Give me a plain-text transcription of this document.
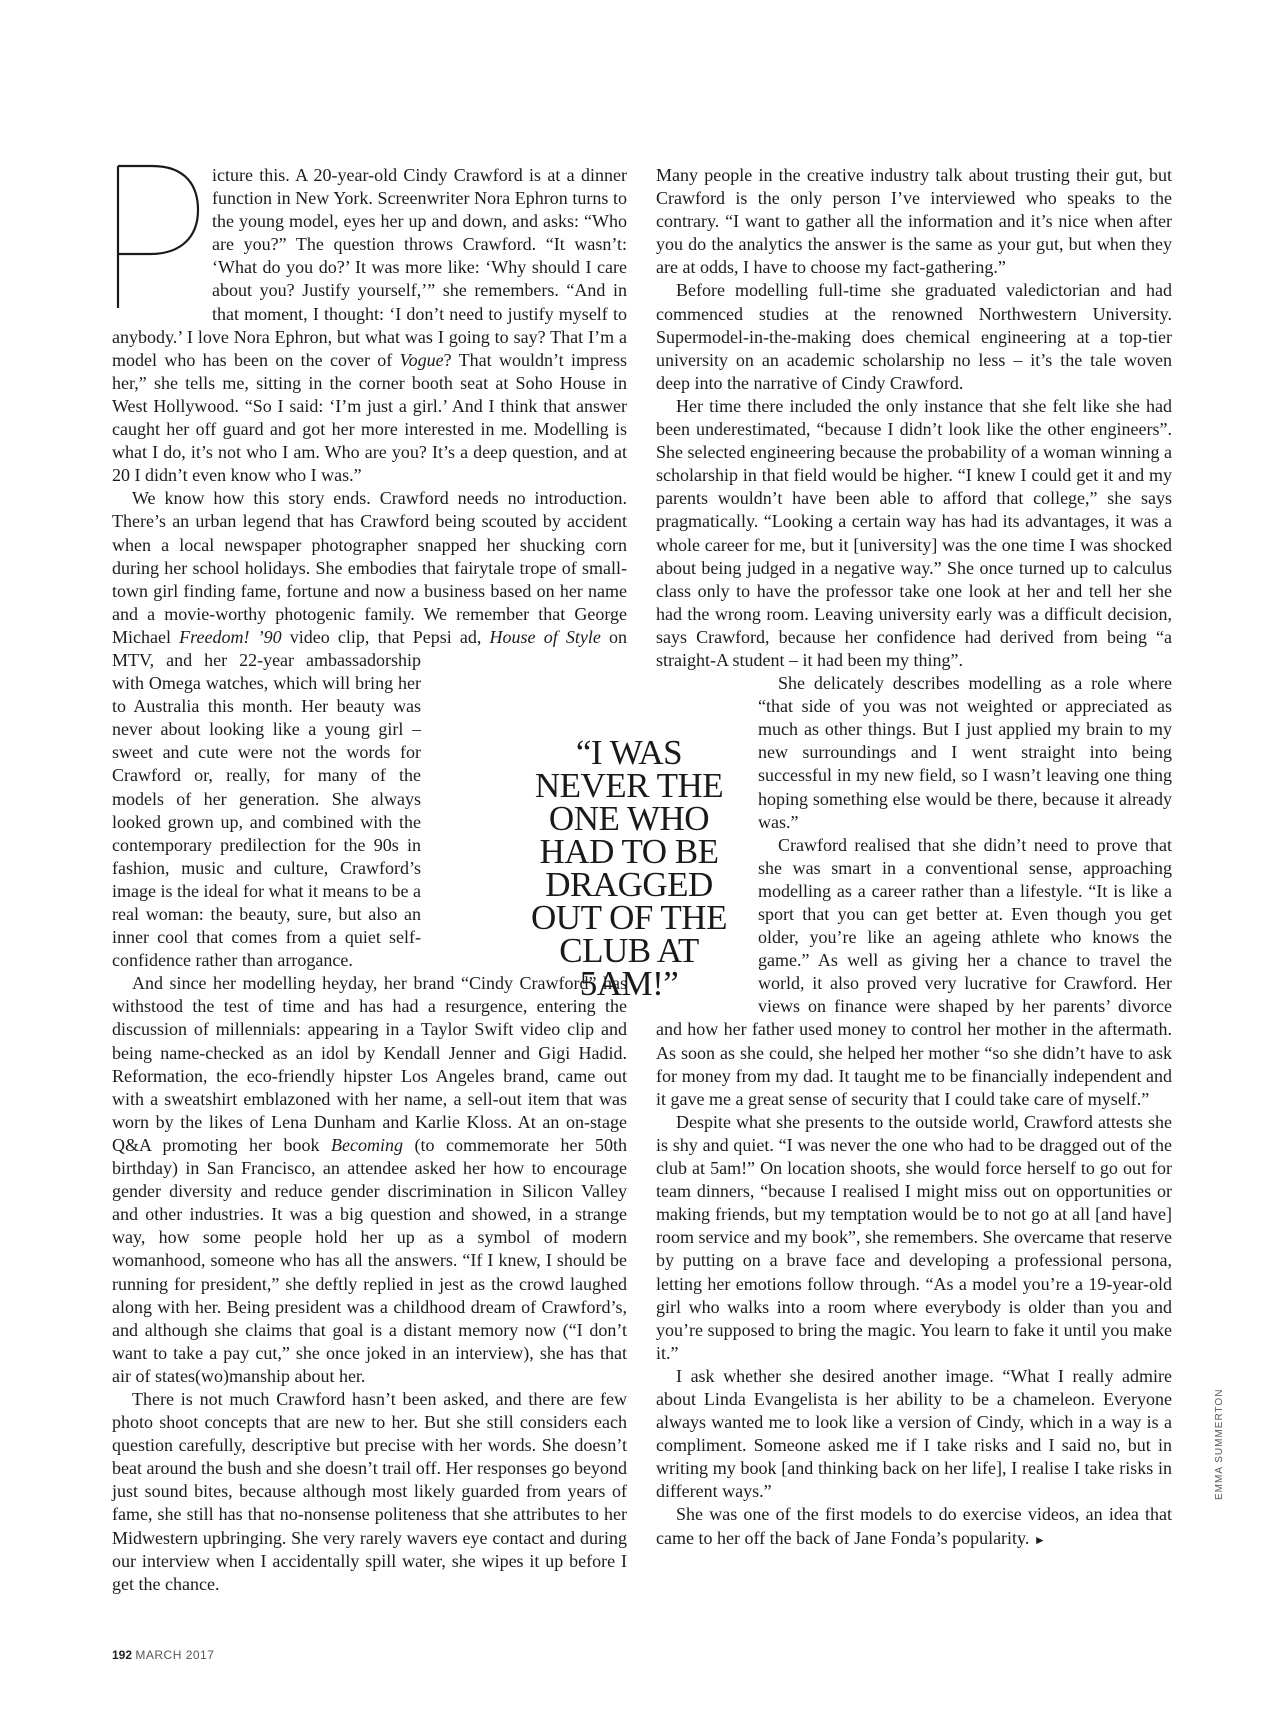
icture this. A 20-year-old Cindy Crawford is at a dinner function in New York. Screenwriter Nora Ephron turns to the young model, eyes her up and down, and asks: “Who are you?” The question throws Crawford. “It wasn’t: ‘What do you do?’ It was more like: ‘Why should I care about you? Justify yourself,’” she remembers. “And in that moment, I thought: ‘I don’t need to justify myself to anybody.’ I love Nora Ephron, but what was I going to say? That I’m a model who has been on the cover of Vogue? That wouldn’t impress her,” she tells me, sitting in the corner booth seat at Soho House in West Hollywood. “So I said: ‘I’m just a girl.’ And I think that answer caught her off guard and got her more interested in me. Modelling is what I do, it’s not who I am. Who are you? It’s a deep question, and at 20 I didn’t even know who I was.”

We know how this story ends. Crawford needs no introduction. There’s an urban legend that has Crawford being scouted by accident when a local newspaper photographer snapped her shucking corn during her school holidays. She embodies that fairytale trope of small-town girl finding fame, fortune and now a business based on her name and a movie-worthy photogenic family. We remember that George Michael Freedom! ’90 video clip, that Pepsi ad, House of Style
on MTV, and her 22-year ambassadorship with Omega watches, which will bring her to Australia this month. Her beauty was never about looking like a young girl – sweet and cute were not the words for Crawford or, really, for many of the models of her generation. She always looked grown up, and combined with the contemporary predilection for the 90s in fashion, music and culture, Crawford’s image is the ideal for what it means to be a real woman: the beauty, sure, but also an inner cool that comes from a quiet self-confidence rather than arrogance.

And since her modelling heyday, her brand “Cindy Crawford” has withstood the test of time and has had a resurgence, entering the discussion of millennials: appearing in a Taylor Swift video clip and being name-checked as an idol by Kendall Jenner and Gigi Hadid. Reformation, the eco-friendly hipster Los Angeles brand, came out with a sweatshirt emblazoned with her name, a sell-out item that was worn by the likes of Lena Dunham and Karlie Kloss. At an on-stage Q&A promoting her book Becoming (to commemorate her 50th birthday) in San Francisco, an attendee asked her how to encourage gender diversity and reduce gender discrimination in Silicon Valley and other industries. It was a big question and showed, in a strange way, how some people hold her up as a symbol of modern womanhood, someone who has all the answers. “If I knew, I should be running for president,” she deftly replied in jest as the crowd laughed along with her. Being president was a childhood dream of Crawford’s, and although she claims that goal is a distant memory now (“I don’t want to take a pay cut,” she once joked in an interview), she has that air of states(wo)manship about her.

There is not much Crawford hasn’t been asked, and there are few photo shoot concepts that are new to her. But she still considers each question carefully, descriptive but precise with her words. She doesn’t beat around the bush and she doesn’t trail off. Her responses go beyond just sound bites, because although most likely guarded from years of fame, she still has that no-nonsense politeness that she attributes to her Midwestern upbringing. She very rarely wavers eye contact and during our interview when I accidentally spill water, she wipes it up before I get the chance.

Many people in the creative industry talk about trusting their gut, but Crawford is the only person I’ve interviewed who speaks to the contrary. “I want to gather all the information and it’s nice when after you do the analytics the answer is the same as your gut, but when they are at odds, I have to choose my fact-gathering.”

Before modelling full-time she graduated valedictorian and had commenced studies at the renowned Northwestern University. Supermodel-in-the-making does chemical engineering at a top-tier university on an academic scholarship no less – it’s the tale woven deep into the narrative of Cindy Crawford.

Her time there included the only instance that she felt like she had been underestimated, “because I didn’t look like the other engineers”. She selected engineering because the probability of a woman winning a scholarship in that field would be higher. “I knew I could get it and my parents wouldn’t have been able to afford that college,” she says pragmatically. “Looking a certain way has had its advantages, it was a whole career for me, but it [university] was the one time I was shocked about being judged in a negative way.” She once turned up to calculus class only to have the professor take one look at her and tell her she had the wrong room. Leaving university early was a difficult decision, says Crawford, because her confidence had derived from being “a straight-A student – it had been my thing”.

She delicately describes modelling as a role where “that side of you was not weighted or appreciated as much as other things. But I just applied my brain to my new surroundings and I went straight into being successful in my new field, so I wasn’t leaving one thing hoping something else would be there, because it already was.”

Crawford realised that she didn’t need to prove that she was smart in a conventional sense, approaching modelling as a career rather than a lifestyle. “It is like a sport that you can get better at. Even though you get older, you’re like an ageing athlete who knows the game.” As well as giving her a chance to travel the world, it also proved very lucrative for Crawford. Her views on finance were shaped by her parents’ divorce and how her father used money to control her mother in the aftermath. As soon as she could, she helped her mother “so she didn’t have to ask for money from my dad. It taught me to be financially independent and it gave me a great sense of security that I could take care of myself.”

Despite what she presents to the outside world, Crawford attests she is shy and quiet. “I was never the one who had to be dragged out of the club at 5am!” On location shoots, she would force herself to go out for team dinners, “because I realised I might miss out on opportunities or making friends, but my temptation would be to not go at all [and have] room service and my book”, she remembers. She overcame that reserve by putting on a brave face and developing a professional persona, letting her emotions follow through. “As a model you’re a 19-year-old girl who walks into a room where everybody is older than you and you’re supposed to bring the magic. You learn to fake it until you make it.”

I ask whether she desired another image. “What I really admire about Linda Evangelista is her ability to be a chameleon. Everyone always wanted me to look like a version of Cindy, which in a way is a compliment. Someone asked me if I take risks and I said no, but in writing my book [and thinking back on her life], I realise I take risks in different ways.”

She was one of the first models to do exercise videos, an idea that came to her off the back of Jane Fonda’s popularity. ►

“I WAS NEVER THE ONE WHO HAD TO BE DRAGGED OUT OF THE CLUB AT 5AM!”
192 MARCH 2017
EMMA SUMMERTON
